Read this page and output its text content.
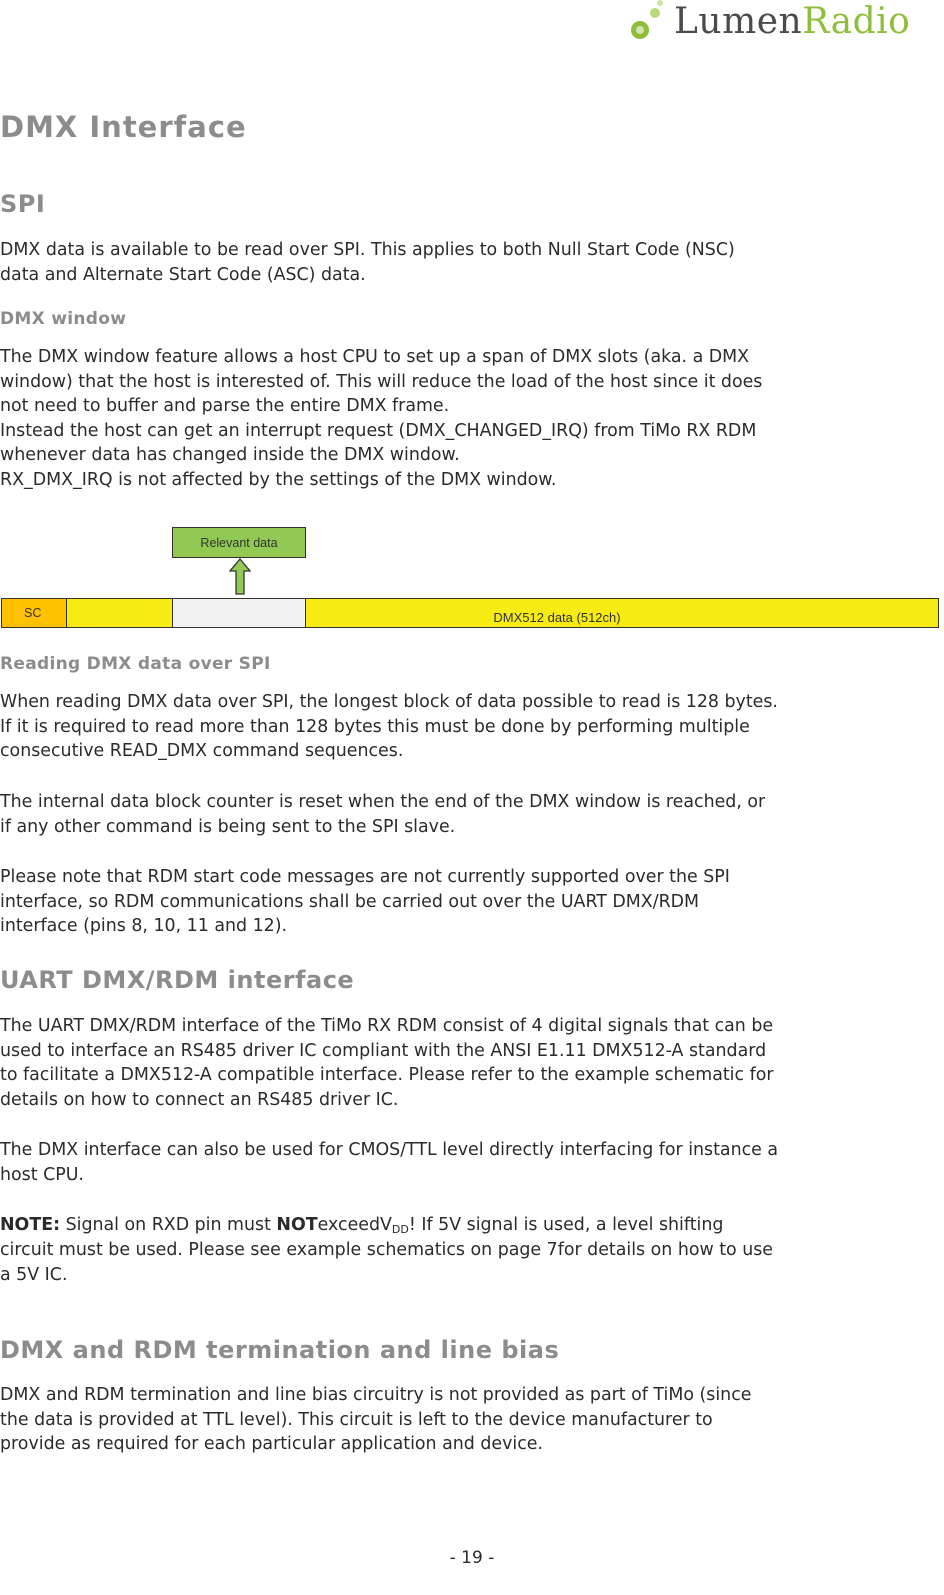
LumenRadio
DMX Interface
SPI

DMX data is available to be read over SPI. This applies to both Null Start Code (NSC)
data and Alternate Start Code (ASC) data.

DMX window

The DMX window feature allows a host CPU to set up a span of DMX slots (aka. a DMX
window) that the host is interested of. This will reduce the load of the host since it does
not need to buffer and parse the entire DMX frame.
Instead the host can get an interrupt request (DMX_CHANGED_IRQ) from TiMo RX RDM
whenever data has changed inside the DMX window.
RX_DMX_IRQ is not affected by the settings of the DMX window.

Relevant data
SC	DMX512 data (512ch)
Reading DMX data over SPI

When reading DMX data over SPI, the longest block of data possible to read is 128 bytes.
If it is required to read more than 128 bytes this must be done by performing multiple
consecutive READ_DMX command sequences.

The internal data block counter is reset when the end of the DMX window is reached, or
if any other command is being sent to the SPI slave.

Please note that RDM start code messages are not currently supported over the SPI
interface, so RDM communications shall be carried out over the UART DMX/RDM
interface (pins 8, 10, 11 and 12).

UART DMX/RDM interface

The UART DMX/RDM interface of the TiMo RX RDM consist of 4 digital signals that can be
used to interface an RS485 driver IC compliant with the ANSI E1.11 DMX512-A standard
to facilitate a DMX512-A compatible interface. Please refer to the example schematic for
details on how to connect an RS485 driver IC.

The DMX interface can also be used for CMOS/TTL level directly interfacing for instance a
host CPU.

NOTE: Signal on RXD pin must NOTexceedV$_{DD}$! If 5V signal is used, a level shifting

circuit must be used. Please see example schematics on page 7for details on how to use
a 5V IC.

DMX and RDM termination and line bias

DMX and RDM termination and line bias circuitry is not provided as part of TiMo (since
the data is provided at TTL level). This circuit is left to the device manufacturer to
provide as required for each particular application and device.

- 19 -
